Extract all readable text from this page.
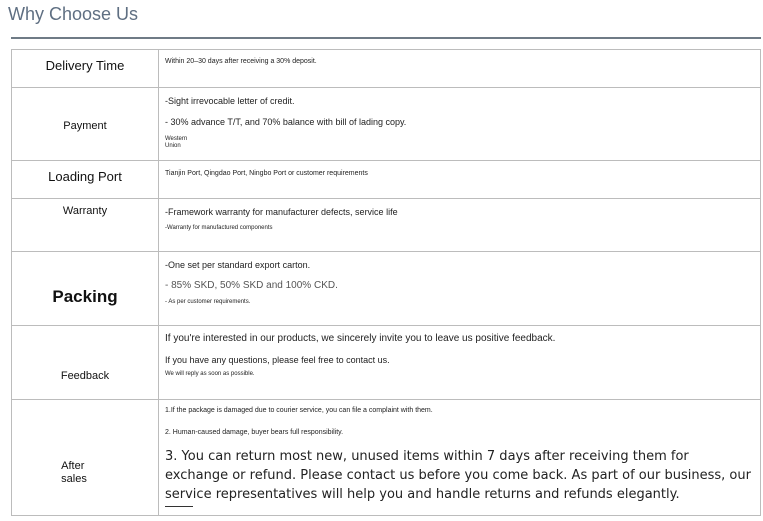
Why Choose Us
Delivery Time	Within 20–30 days after receiving a 30% deposit.

Payment	-Sight irrevocable letter of credit.
- 30% advance T/T, and 70% balance with bill of lading copy.
Western
Union

Loading Port	Tianjin Port, Qingdao Port, Ningbo Port or customer requirements

Warranty	-Framework warranty for manufacturer defects, service life
-Warranty for manufactured components

Packing	-One set per standard export carton.
- 85% SKD, 50% SKD and 100% CKD.
- As per customer requirements.

Feedback	If you're interested in our products, we sincerely invite you to leave us positive feedback.
If you have any questions, please feel free to contact us.
We will reply as soon as possible.

After
sales	1.If the package is damaged due to courier service, you can file a complaint with them.
2. Human-caused damage, buyer bears full responsibility.
3. You can return most new, unused items within 7 days after receiving them for exchange or refund. Please contact us before you come back. As part of our business, our service representatives will help you and handle returns and refunds elegantly.
